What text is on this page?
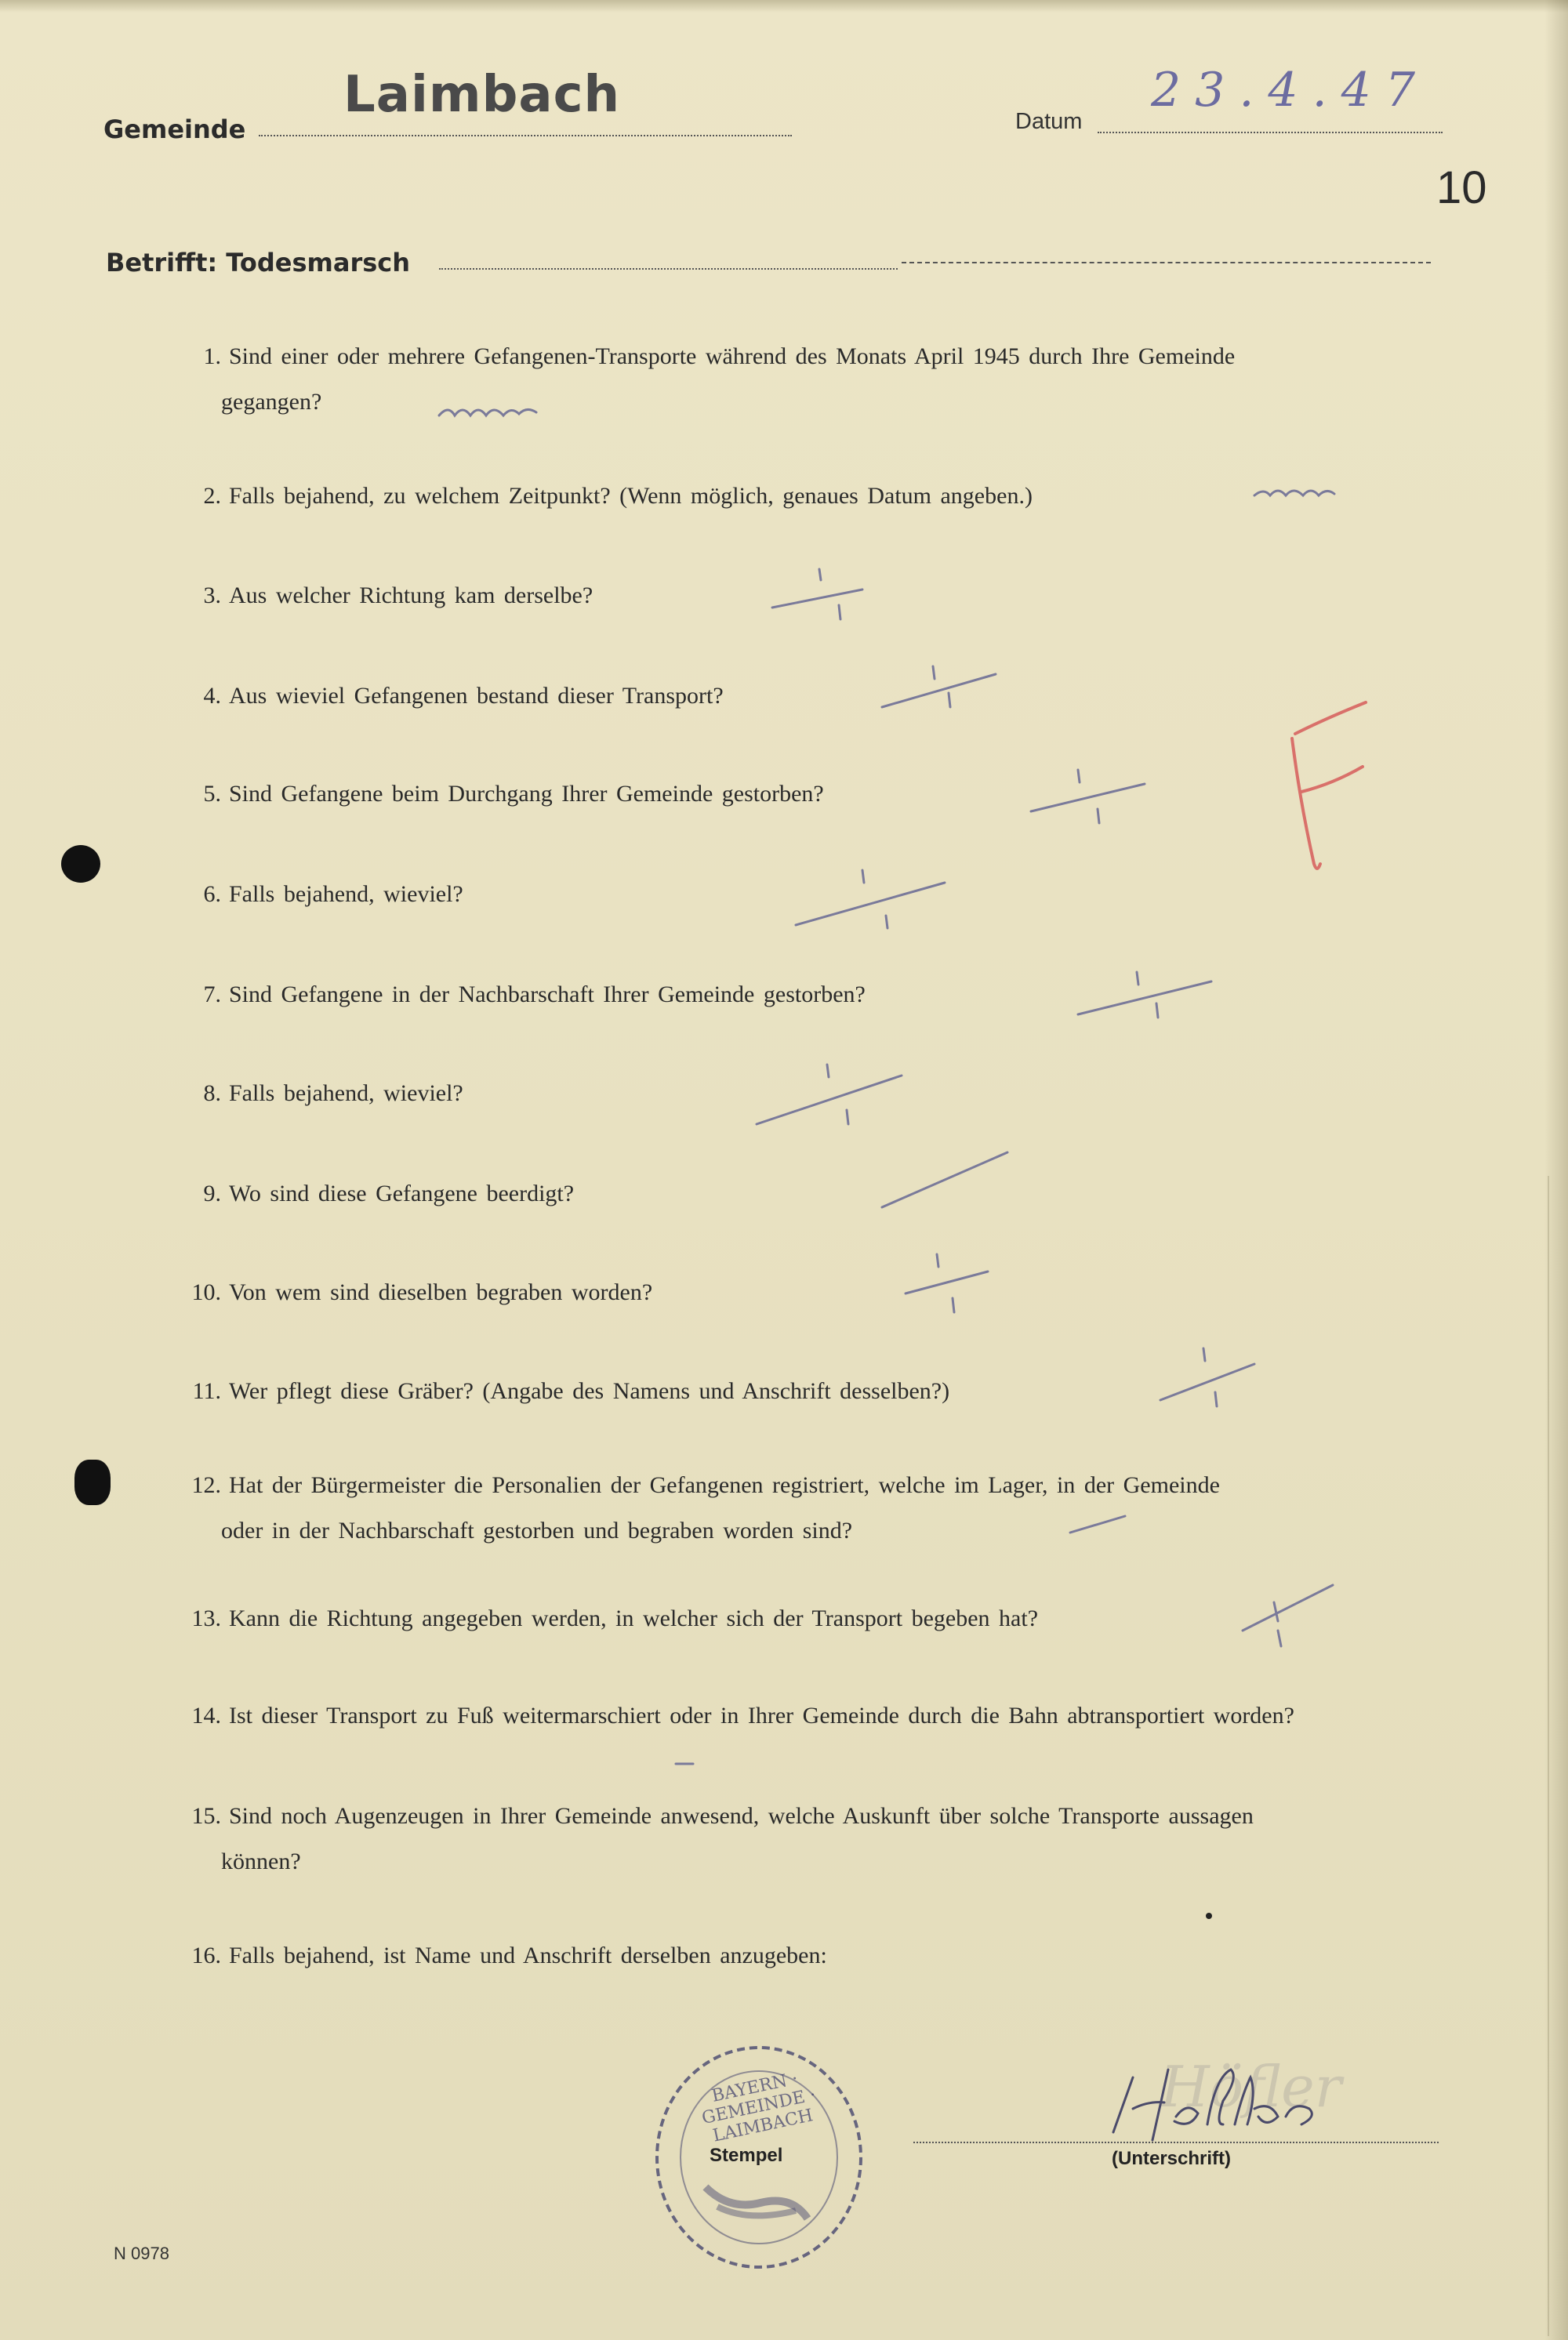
Gemeinde
Laimbach	Datum
23.4.47
10
Betrifft: Todesmarsch
1. Sind einer oder mehrere Gefangenen-Transporte während des Monats April 1945 durch Ihre Gemeinde
gegangen?
2. Falls bejahend, zu welchem Zeitpunkt? (Wenn möglich, genaues Datum angeben.)
3. Aus welcher Richtung kam derselbe?
4. Aus wieviel Gefangenen bestand dieser Transport?
5. Sind Gefangene beim Durchgang Ihrer Gemeinde gestorben?
6. Falls bejahend, wieviel?
7. Sind Gefangene in der Nachbarschaft Ihrer Gemeinde gestorben?
8. Falls bejahend, wieviel?
9. Wo sind diese Gefangene beerdigt?
10. Von wem sind dieselben begraben worden?
11. Wer pflegt diese Gräber? (Angabe des Namens und Anschrift desselben?)
12. Hat der Bürgermeister die Personalien der Gefangenen registriert, welche im Lager, in der Gemeinde
oder in der Nachbarschaft gestorben und begraben worden sind?
13. Kann die Richtung angegeben werden, in welcher sich der Transport begeben hat?
14. Ist dieser Transport zu Fuß weitermarschiert oder in Ihrer Gemeinde durch die Bahn abtransportiert worden?
15. Sind noch Augenzeugen in Ihrer Gemeinde anwesend, welche Auskunft über solche Transporte aussagen
können?
16. Falls bejahend, ist Name und Anschrift derselben anzugeben:
BAYERN · GEMEINDE · LAIMBACH
Stempel
Höfler
(Unterschrift)
N 0978
